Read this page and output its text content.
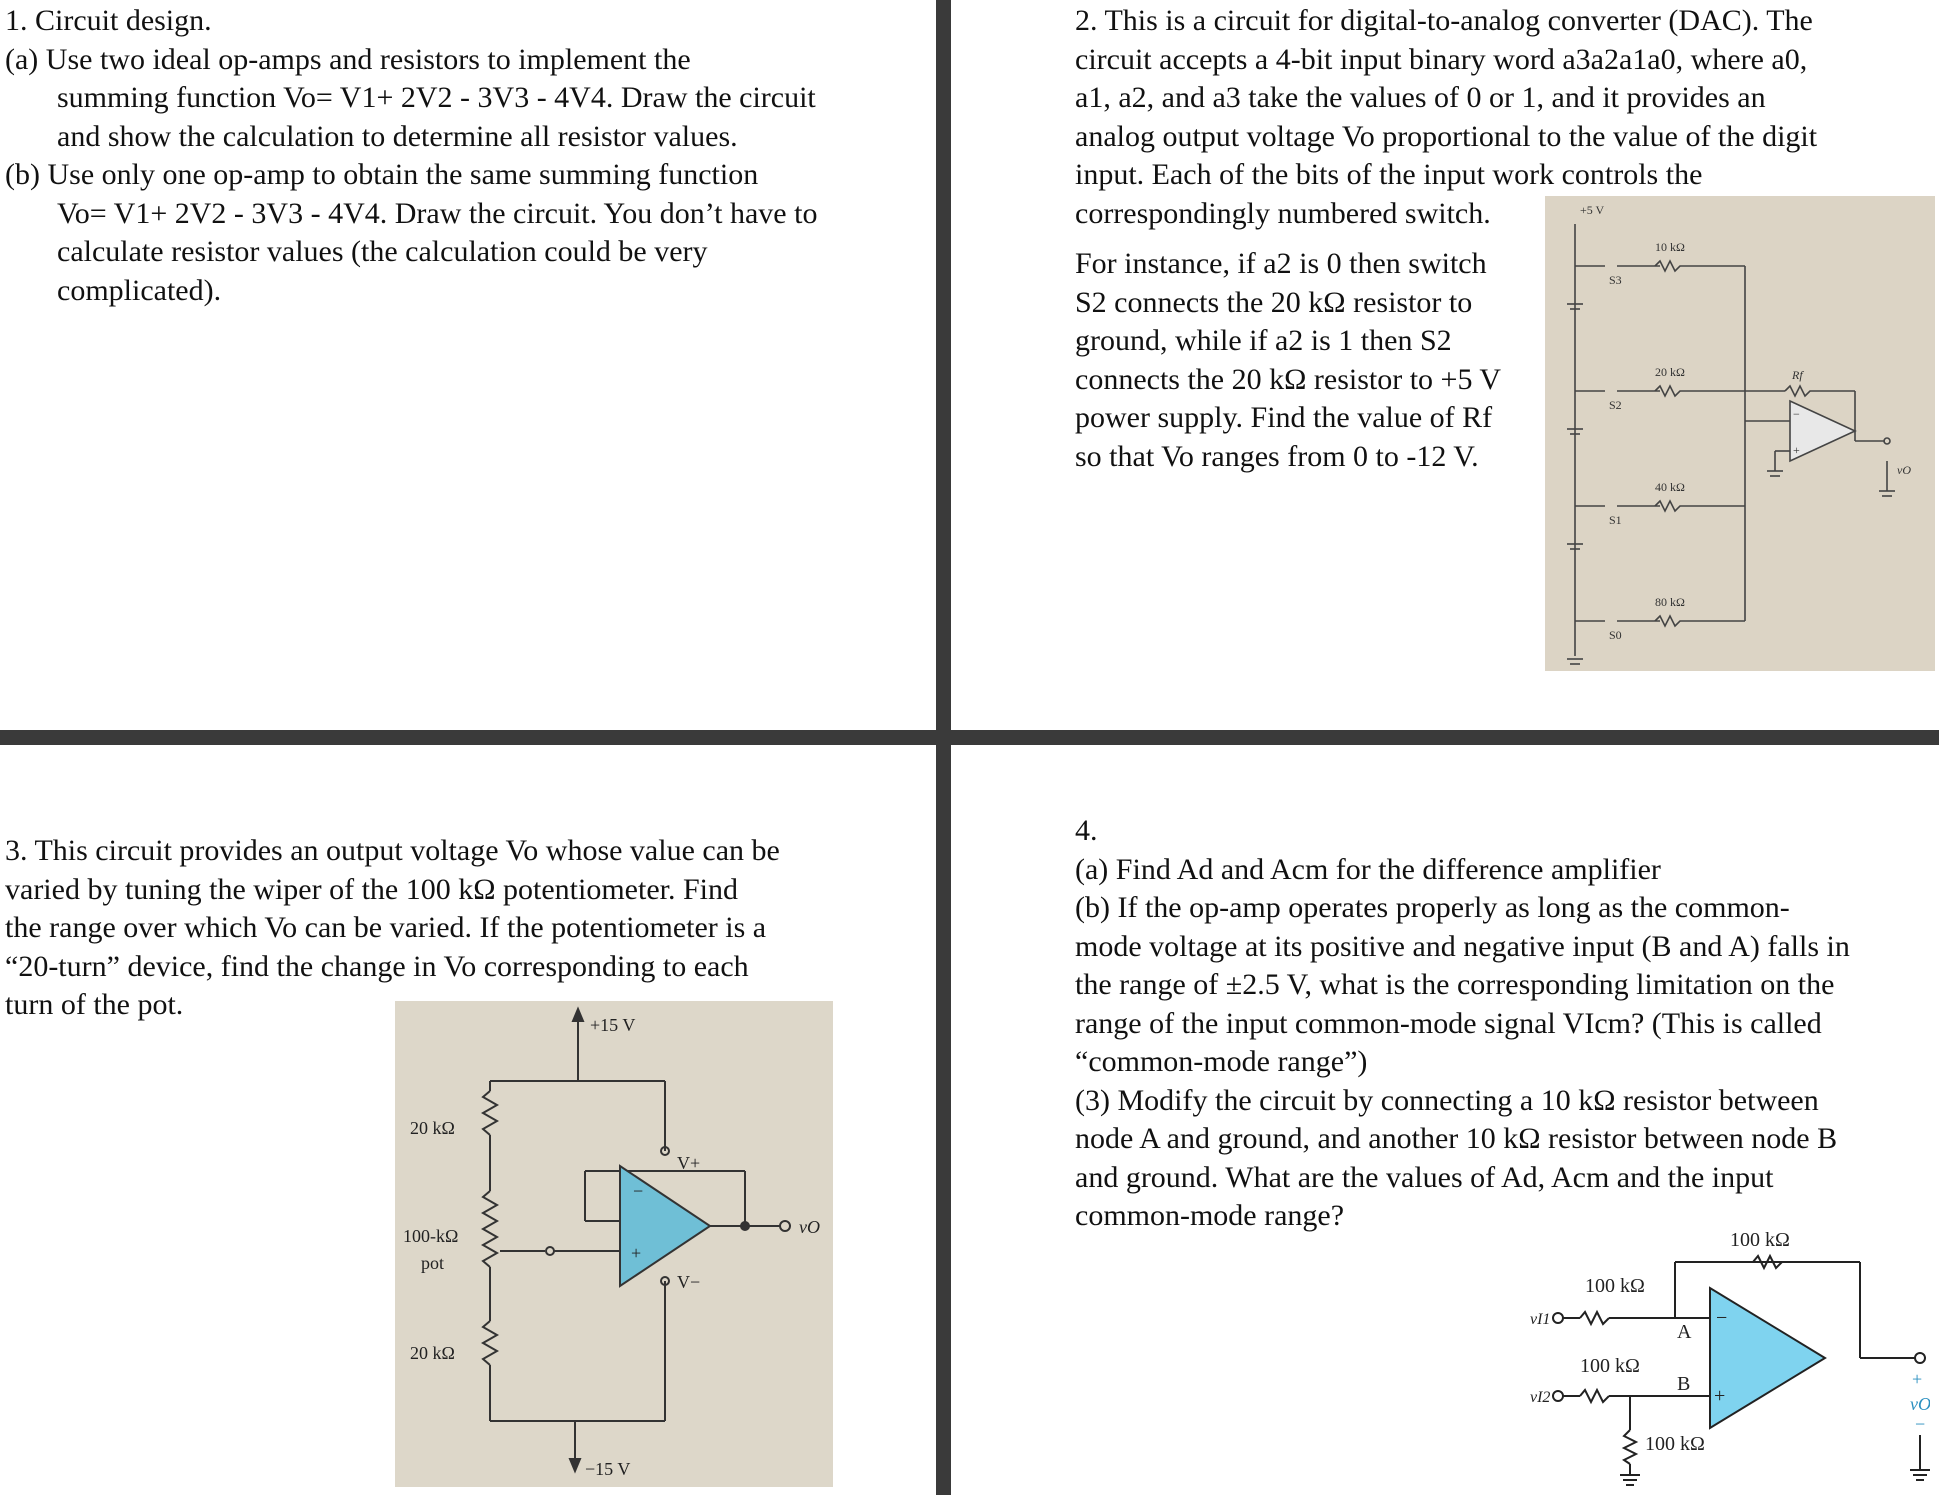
1. Circuit design.
(a) Use two ideal op-amps and resistors to implement the
summing function Vo= V1+ 2V2 - 3V3 - 4V4. Draw the circuit
and show the calculation to determine all resistor values.
(b) Use only one op-amp to obtain the same summing function
Vo= V1+ 2V2 - 3V3 - 4V4. Draw the circuit. You don’t have to
calculate resistor values (the calculation could be very
complicated).
2. This is a circuit for digital-to-analog converter (DAC). The
circuit accepts a 4-bit input binary word a3a2a1a0, where a0,
a1, a2, and a3 take the values of 0 or 1, and it provides an
analog output voltage Vo proportional to the value of the digit
input. Each of the bits of the input work controls the
correspondingly numbered switch.
For instance, if a2 is 0 then switch
S2 connects the 20 kΩ resistor to
ground, while if a2 is 1 then S2
connects the 20 kΩ resistor to +5 V
power supply. Find the value of Rf
so that Vo ranges from 0 to -12 V.
+5 V
10 kΩ
20 kΩ
40 kΩ
80 kΩ
Rf
S3
S2
S1
S0
vO
−
+
3. This circuit provides an output voltage Vo whose value can be
varied by tuning the wiper of the 100 kΩ potentiometer. Find
the range over which Vo can be varied. If the potentiometer is a
“20-turn” device, find the change in Vo corresponding to each
turn of the pot.
+15 V
−15 V
20 kΩ
100-kΩ
pot
20 kΩ
V+
V−
vO
−
+
4.
(a) Find Ad and Acm for the difference amplifier
(b) If the op-amp operates properly as long as the common-
mode voltage at its positive and negative input (B and A) falls in
the range of ±2.5 V, what is the corresponding limitation on the
range of the input common-mode signal VIcm? (This is called
“common-mode range”)
(3) Modify the circuit by connecting a 10 kΩ resistor between
node A and ground, and another 10 kΩ resistor between node B
and ground. What are the values of Ad, Acm and the input
common-mode range?
100 kΩ
100 kΩ
100 kΩ
100 kΩ
vI1
vI2
A
B
−
+	vO
+
−
